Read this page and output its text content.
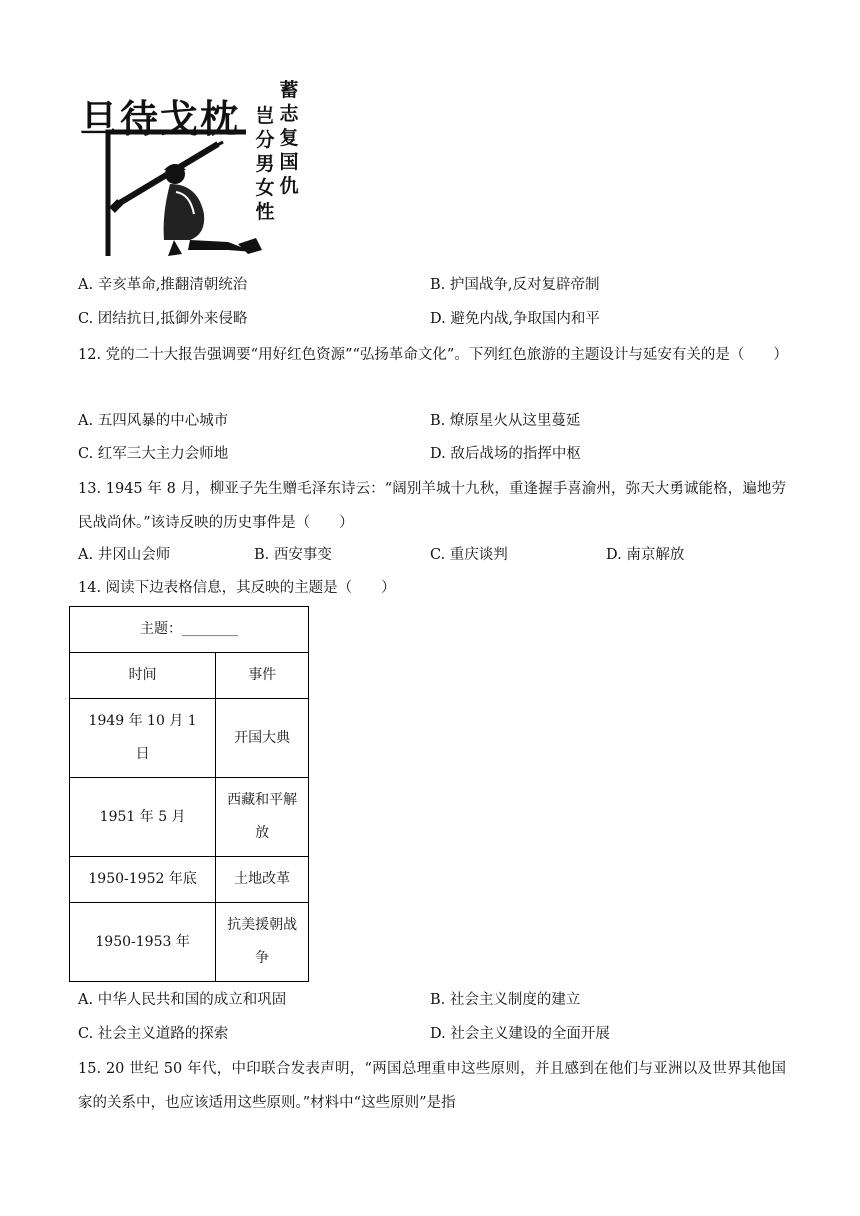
旦待戈枕 岂分男女性
蓄志复国仇
A. 辛亥革命,推翻清朝统治	B. 护国战争,反对复辟帝制
C. 团结抗日,抵御外来侵略	D. 避免内战,争取国内和平
12. 党的二十大报告强调要“用好红色资源”“弘扬革命文化”。下列红色旅游的主题设计与延安有关的是（　　）
A. 五四风暴的中心城市	B. 燎原星火从这里蔓延
C. 红军三大主力会师地	D. 敌后战场的指挥中枢
13. 1945 年 8 月，柳亚子先生赠毛泽东诗云：“阔别羊城十九秋，重逢握手喜渝州，弥天大勇诚能格，遍地劳民战尚休。”该诗反映的历史事件是（　　）
A. 井冈山会师	B. 西安事变	C. 重庆谈判	D. 南京解放
14. 阅读下边表格信息，其反映的主题是（　　）
主题：________	
时间	事件
1949 年 10 月 1 日	开国大典
1951 年 5 月	西藏和平解放
1950-1952 年底	土地改革
1950-1953 年	抗美援朝战争
A. 中华人民共和国的成立和巩固	B. 社会主义制度的建立
C. 社会主义道路的探索	D. 社会主义建设的全面开展
15. 20 世纪 50 年代，中印联合发表声明，“两国总理重申这些原则，并且感到在他们与亚洲以及世界其他国家的关系中，也应该适用这些原则。”材料中“这些原则”是指
